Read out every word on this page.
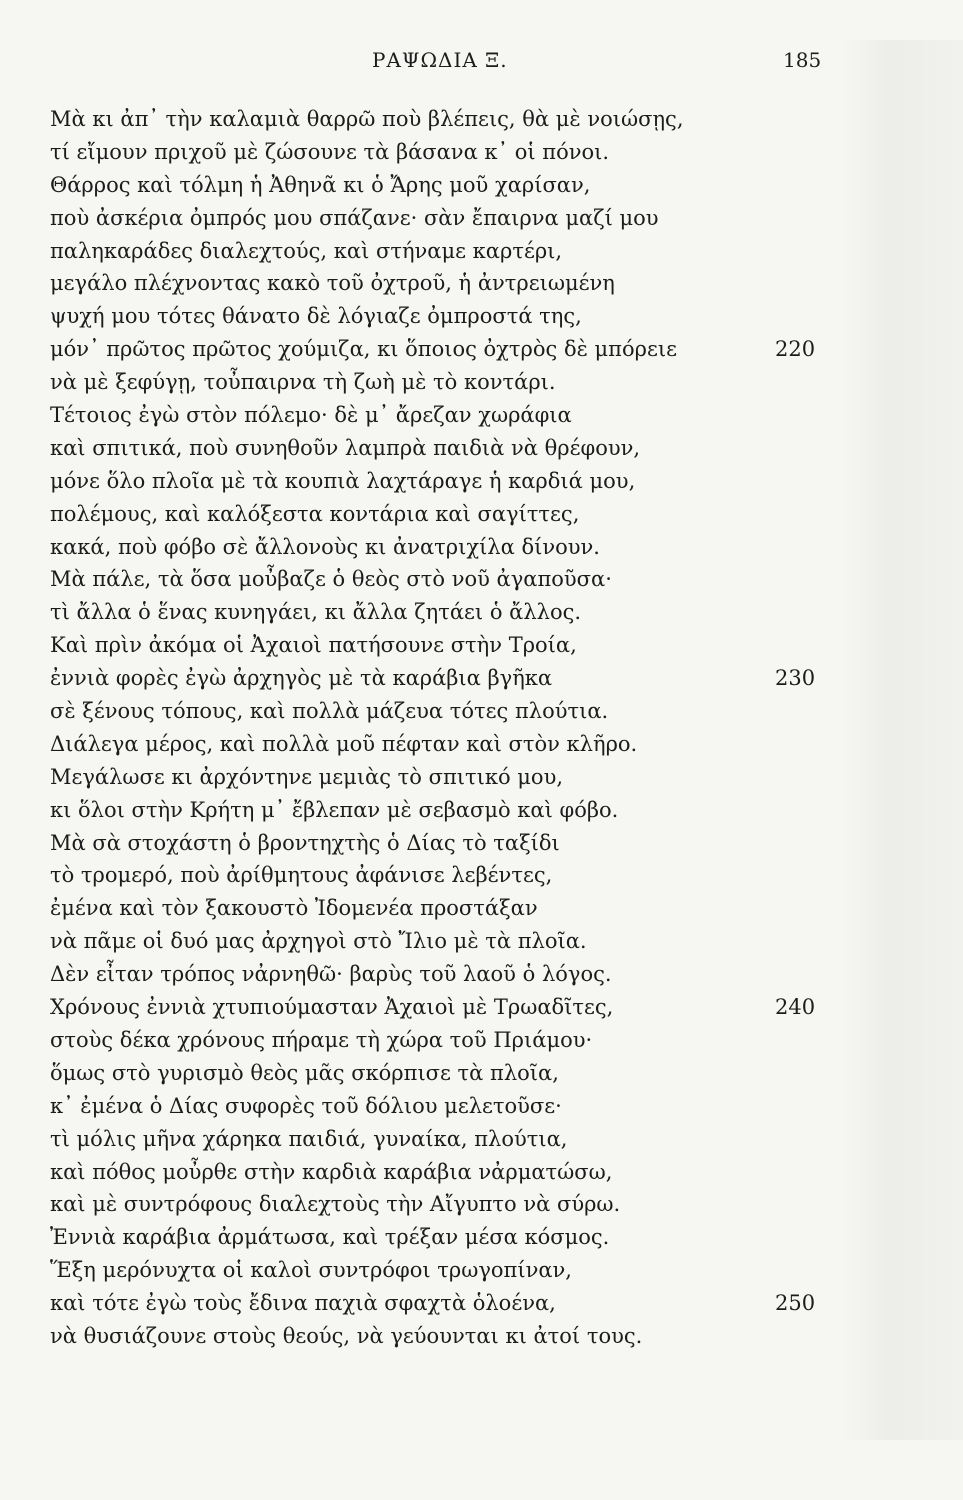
ΡΑΨΩΔΙΑ Ξ.	185
Μὰ κι ἀπ᾽ τὴν καλαμιὰ θαρρῶ ποὺ βλέπεις, θὰ μὲ νοιώσῃς,
τί εἴμουν πριχοῦ μὲ ζώσουνε τὰ βάσανα κ᾽ οἱ πόνοι.
Θάρρος καὶ τόλμη ἡ Ἀθηνᾶ κι ὁ Ἄρης μοῦ χαρίσαν,
ποὺ ἀσκέρια ὀμπρός μου σπάζανε· σὰν ἔπαιρνα μαζί μου
παληκαράδες διαλεχτούς, καὶ στήναμε καρτέρι,
μεγάλο πλέχνοντας κακὸ τοῦ ὀχτροῦ, ἡ ἀντρειωμένη
ψυχή μου τότες θάνατο δὲ λόγιαζε ὀμπροστά της,
μόν᾽ πρῶτος πρῶτος χούμιζα, κι ὅποιος ὀχτρὸς δὲ μπόρειε	220
νὰ μὲ ξεφύγῃ, τοὖπαιρνα τὴ ζωὴ μὲ τὸ κοντάρι.
Τέτοιος ἐγὼ στὸν πόλεμο· δὲ μ᾽ ἄρεζαν χωράφια
καὶ σπιτικά, ποὺ συνηθοῦν λαμπρὰ παιδιὰ νὰ θρέφουν,
μόνε ὅλο πλοῖα μὲ τὰ κουπιὰ λαχτάραγε ἡ καρδιά μου,
πολέμους, καὶ καλόξεστα κοντάρια καὶ σαγίττες,
κακά, ποὺ φόβο σὲ ἄλλονοὺς κι ἀνατριχίλα δίνουν.
Μὰ πάλε, τὰ ὅσα μοὖβαζε ὁ θεὸς στὸ νοῦ ἀγαποῦσα·
τὶ ἄλλα ὁ ἕνας κυνηγάει, κι ἄλλα ζητάει ὁ ἄλλος.
Καὶ πρὶν ἀκόμα οἱ Ἀχαιοὶ πατήσουνε στὴν Τροία,
ἐννιὰ φορὲς ἐγὼ ἀρχηγὸς μὲ τὰ καράβια βγῆκα	230
σὲ ξένους τόπους, καὶ πολλὰ μάζευα τότες πλούτια.
Διάλεγα μέρος, καὶ πολλὰ μοῦ πέφταν καὶ στὸν κλῆρο.
Μεγάλωσε κι ἀρχόντηνε μεμιὰς τὸ σπιτικό μου,
κι ὅλοι στὴν Κρήτη μ᾽ ἔβλεπαν μὲ σεβασμὸ καὶ φόβο.
Μὰ σὰ στοχάστη ὁ βροντηχτὴς ὁ Δίας τὸ ταξίδι
τὸ τρομερό, ποὺ ἀρίθμητους ἀφάνισε λεβέντες,
ἐμένα καὶ τὸν ξακουστὸ Ἰδομενέα προστάξαν
νὰ πᾶμε οἱ δυό μας ἀρχηγοὶ στὸ Ἴλιο μὲ τὰ πλοῖα.
Δὲν εἶταν τρόπος νἀρνηθῶ· βαρὺς τοῦ λαοῦ ὁ λόγος.
Χρόνους ἐννιὰ χτυπιούμασταν Ἀχαιοὶ μὲ Τρωαδῖτες,	240
στοὺς δέκα χρόνους πήραμε τὴ χώρα τοῦ Πριάμου·
ὅμως στὸ γυρισμὸ θεὸς μᾶς σκόρπισε τὰ πλοῖα,
κ᾽ ἐμένα ὁ Δίας συφορὲς τοῦ δόλιου μελετοῦσε·
τὶ μόλις μῆνα χάρηκα παιδιά, γυναίκα, πλούτια,
καὶ πόθος μοὖρθε στὴν καρδιὰ καράβια νἀρματώσω,
καὶ μὲ συντρόφους διαλεχτοὺς τὴν Αἴγυπτο νὰ σύρω.
Ἐννιὰ καράβια ἀρμάτωσα, καὶ τρέξαν μέσα κόσμος.
Ἕξη μερόνυχτα οἱ καλοὶ συντρόφοι τρωγοπίναν,
καὶ τότε ἐγὼ τοὺς ἔδινα παχιὰ σφαχτὰ ὁλοένα,	250
νὰ θυσιάζουνε στοὺς θεούς, νὰ γεύουνται κι ἀτοί τους.
